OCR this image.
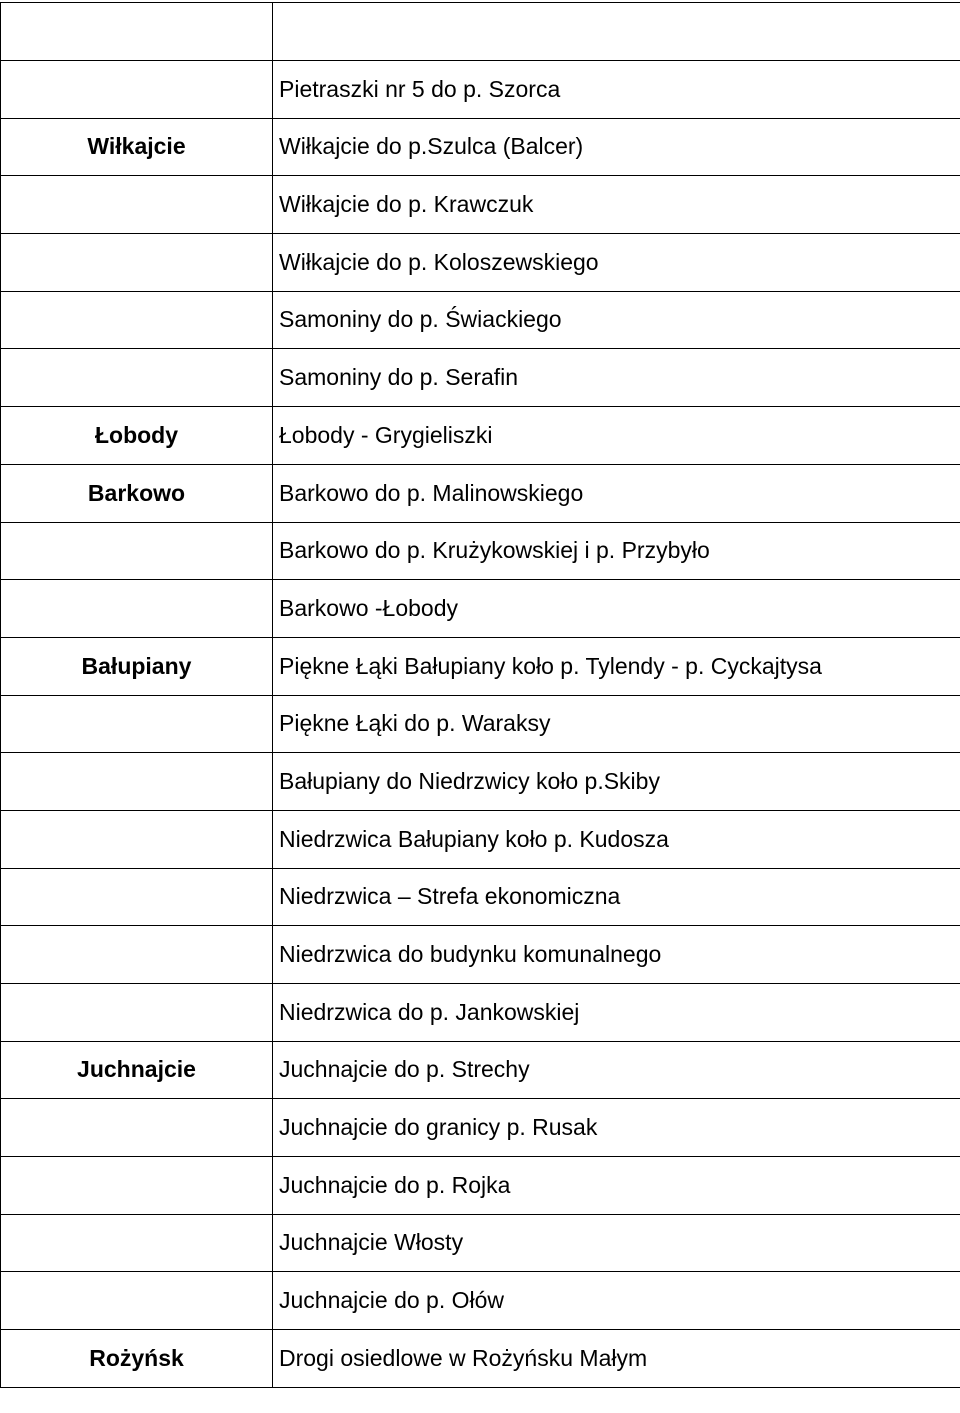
	Pietraszki nr 5 do p. Szorca
Wiłkajcie	Wiłkajcie do p.Szulca (Balcer)
	Wiłkajcie do p. Krawczuk
	Wiłkajcie do p. Koloszewskiego
	Samoniny do p. Świackiego
	Samoniny do p. Serafin
Łobody	Łobody - Grygieliszki
Barkowo	Barkowo do p. Malinowskiego
	Barkowo do p. Krużykowskiej i p. Przybyło
	Barkowo -Łobody
Bałupiany	Piękne Łąki Bałupiany koło p. Tylendy - p. Cyckajtysa
	Piękne Łąki do p. Waraksy
	Bałupiany do Niedrzwicy koło p.Skiby
	Niedrzwica Bałupiany koło p. Kudosza
	Niedrzwica – Strefa ekonomiczna
	Niedrzwica do budynku komunalnego
	Niedrzwica do p. Jankowskiej
Juchnajcie	Juchnajcie do p. Strechy
	Juchnajcie do granicy p. Rusak
	Juchnajcie do p. Rojka
	Juchnajcie Włosty
	Juchnajcie do p. Ołów
Rożyńsk	Drogi osiedlowe w Rożyńsku Małym
